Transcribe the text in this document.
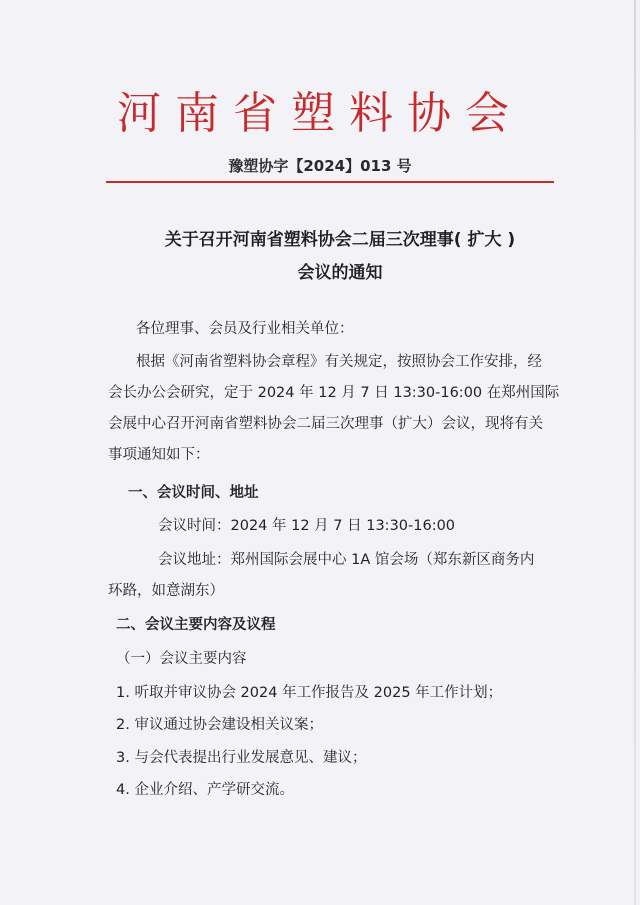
河南省塑料协会
豫塑协字【2024】013 号
关于召开河南省塑料协会二届三次理事( 扩大 )
会议的通知
各位理事、会员及行业相关单位：
根据《河南省塑料协会章程》有关规定，按照协会工作安排，经
会长办公会研究，定于 2024 年 12 月 7 日 13:30-16:00 在郑州国际
会展中心召开河南省塑料协会二届三次理事（扩大）会议，现将有关
事项通知如下：
一、会议时间、地址
会议时间：2024 年 12 月 7 日 13:30-16:00
会议地址：郑州国际会展中心 1A 馆会场（郑东新区商务内
环路，如意湖东）
二、会议主要内容及议程
（一）会议主要内容
1. 听取并审议协会 2024 年工作报告及 2025 年工作计划；
2. 审议通过协会建设相关议案；
3. 与会代表提出行业发展意见、建议；
4. 企业介绍、产学研交流。
